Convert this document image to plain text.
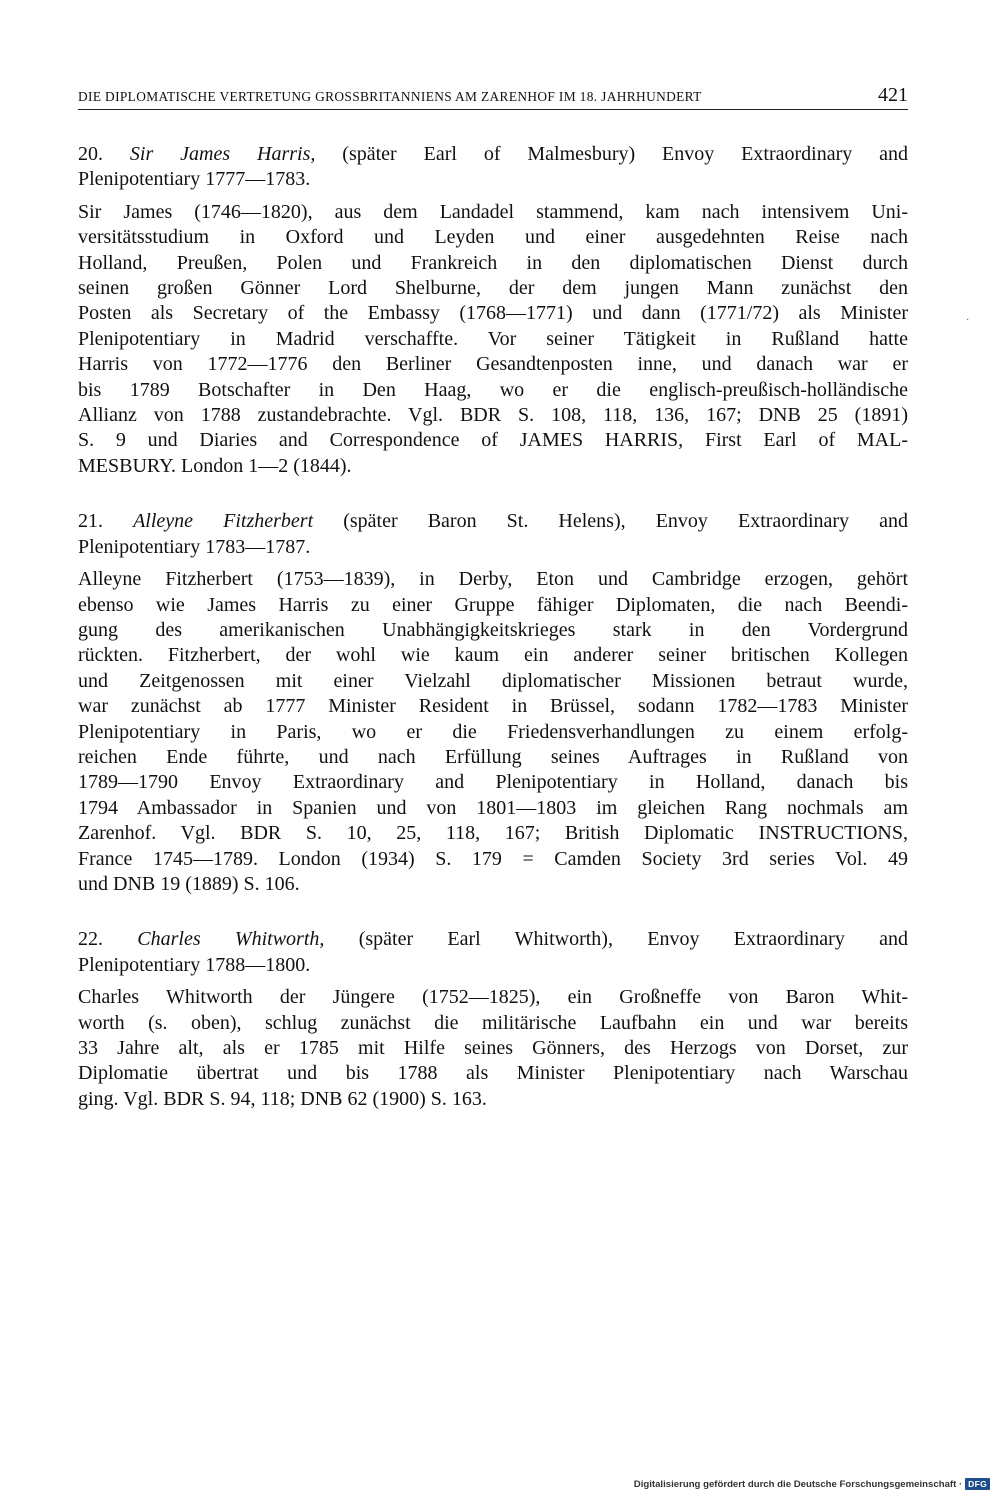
DIE DIPLOMATISCHE VERTRETUNG GROSSBRITANNIENS AM ZARENHOF IM 18. JAHRHUNDERT	421

20. Sir James Harris, (später Earl of Malmesbury) Envoy Extraordinary and
Plenipotentiary 1777—1783.

Sir James (1746—1820), aus dem Landadel stammend, kam nach intensivem Uni-
versitätsstudium in Oxford und Leyden und einer ausgedehnten Reise nach
Holland, Preußen, Polen und Frankreich in den diplomatischen Dienst durch
seinen großen Gönner Lord Shelburne, der dem jungen Mann zunächst den
Posten als Secretary of the Embassy (1768—1771) und dann (1771/72) als Minister
Plenipotentiary in Madrid verschaffte. Vor seiner Tätigkeit in Rußland hatte
Harris von 1772—1776 den Berliner Gesandtenposten inne, und danach war er
bis 1789 Botschafter in Den Haag, wo er die englisch-preußisch-holländische
Allianz von 1788 zustandebrachte. Vgl. BDR S. 108, 118, 136, 167; DNB 25 (1891)
S. 9 und Diaries and Correspondence of JAMES HARRIS, First Earl of MAL-
MESBURY. London 1—2 (1844).

21. Alleyne Fitzherbert (später Baron St. Helens), Envoy Extraordinary and
Plenipotentiary 1783—1787.

Alleyne Fitzherbert (1753—1839), in Derby, Eton und Cambridge erzogen, gehört
ebenso wie James Harris zu einer Gruppe fähiger Diplomaten, die nach Beendi-
gung des amerikanischen Unabhängigkeitskrieges stark in den Vordergrund
rückten. Fitzherbert, der wohl wie kaum ein anderer seiner britischen Kollegen
und Zeitgenossen mit einer Vielzahl diplomatischer Missionen betraut wurde,
war zunächst ab 1777 Minister Resident in Brüssel, sodann 1782—1783 Minister
Plenipotentiary in Paris, wo er die Friedensverhandlungen zu einem erfolg-
reichen Ende führte, und nach Erfüllung seines Auftrages in Rußland von
1789—1790 Envoy Extraordinary and Plenipotentiary in Holland, danach bis
1794 Ambassador in Spanien und von 1801—1803 im gleichen Rang nochmals am
Zarenhof. Vgl. BDR S. 10, 25, 118, 167; British Diplomatic INSTRUCTIONS,
France 1745—1789. London (1934) S. 179 = Camden Society 3rd series Vol. 49
und DNB 19 (1889) S. 106.

22. Charles Whitworth, (später Earl Whitworth), Envoy Extraordinary and
Plenipotentiary 1788—1800.

Charles Whitworth der Jüngere (1752—1825), ein Großneffe von Baron Whit-
worth (s. oben), schlug zunächst die militärische Laufbahn ein und war bereits
33 Jahre alt, als er 1785 mit Hilfe seines Gönners, des Herzogs von Dorset, zur
Diplomatie übertrat und bis 1788 als Minister Plenipotentiary nach Warschau
ging. Vgl. BDR S. 94, 118; DNB 62 (1900) S. 163.

·
Digitalisierung gefördert durch die Deutsche Forschungsgemeinschaft · DFG
